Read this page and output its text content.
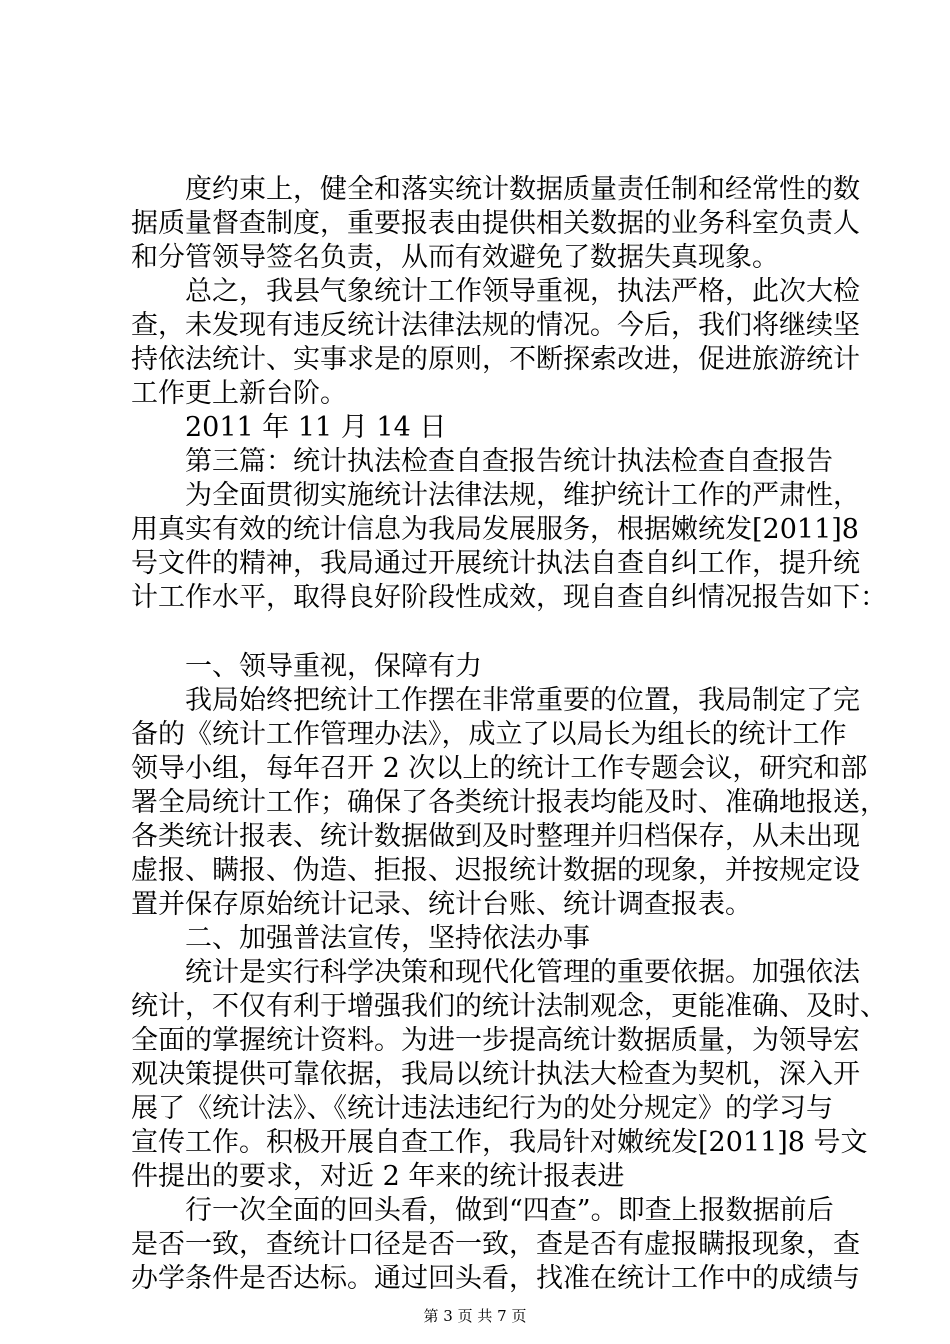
　　度约束上，健全和落实统计数据质量责任制和经常性的数
据质量督查制度，重要报表由提供相关数据的业务科室负责人
和分管领导签名负责，从而有效避免了数据失真现象。
　　总之，我县气象统计工作领导重视，执法严格，此次大检
查，未发现有违反统计法律法规的情况。今后，我们将继续坚
持依法统计、实事求是的原则，不断探索改进，促进旅游统计
工作更上新台阶。
　　2011 年 11 月 14 日
　　第三篇：统计执法检查自查报告统计执法检查自查报告
　　为全面贯彻实施统计法律法规，维护统计工作的严肃性，
用真实有效的统计信息为我局发展服务，根据嫩统发[2011]8
号文件的精神，我局通过开展统计执法自查自纠工作，提升统
计工作水平，取得良好阶段性成效，现自查自纠情况报告如下：
　　一、领导重视，保障有力
　　我局始终把统计工作摆在非常重要的位置，我局制定了完
备的《统计工作管理办法》，成立了以局长为组长的统计工作
领导小组，每年召开 2 次以上的统计工作专题会议，研究和部
署全局统计工作；确保了各类统计报表均能及时、准确地报送，
各类统计报表、统计数据做到及时整理并归档保存，从未出现
虚报、瞒报、伪造、拒报、迟报统计数据的现象，并按规定设
置并保存原始统计记录、统计台账、统计调查报表。
　　二、加强普法宣传，坚持依法办事
　　统计是实行科学决策和现代化管理的重要依据。加强依法
统计，不仅有利于增强我们的统计法制观念，更能准确、及时、
全面的掌握统计资料。为进一步提高统计数据质量，为领导宏
观决策提供可靠依据，我局以统计执法大检查为契机，深入开
展了《统计法》、《统计违法违纪行为的处分规定》的学习与
宣传工作。积极开展自查工作，我局针对嫩统发[2011]8 号文
件提出的要求，对近 2 年来的统计报表进
　　行一次全面的回头看，做到“四查”。即查上报数据前后
是否一致，查统计口径是否一致，查是否有虚报瞒报现象，查
第 3 页 共 7 页
办学条件是否达标。通过回头看，找准在统计工作中的成绩与
